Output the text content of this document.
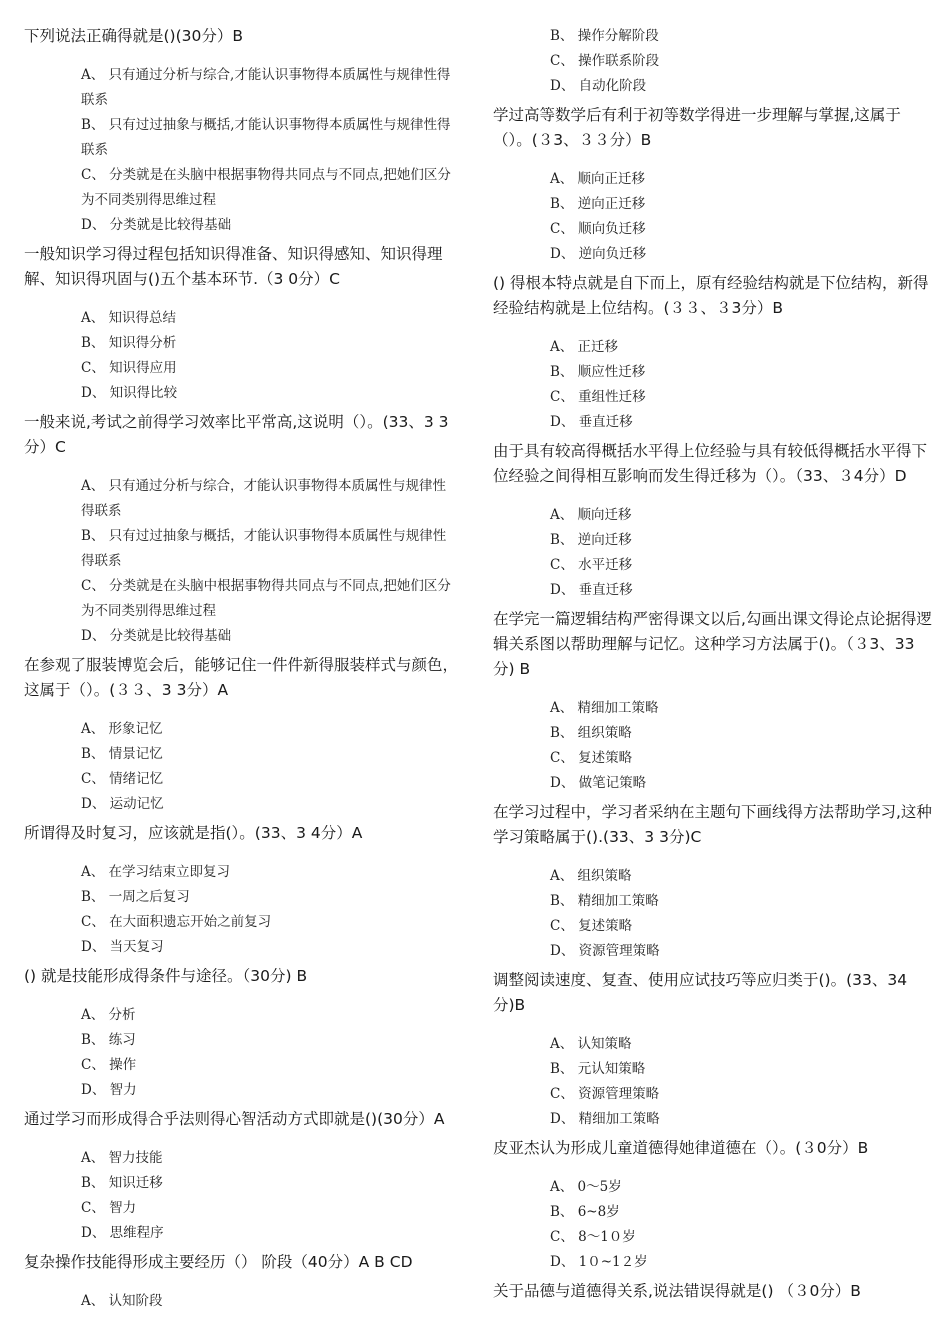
下列说法正确得就是()(30分）B
A、 只有通过分析与综合,才能认识事物得本质属性与规律性得联系
B、 只有过过抽象与概括,才能认识事物得本质属性与规律性得联系
C、 分类就是在头脑中根据事物得共同点与不同点,把她们区分为不同类别得思维过程
D、 分类就是比较得基础
一般知识学习得过程包括知识得准备、知识得感知、知识得理解、知识得巩固与()五个基本环节.（3 0分）C
A、 知识得总结
B、 知识得分析
C、 知识得应用
D、 知识得比较
一般来说,考试之前得学习效率比平常高,这说明（）。(33、3 3分）C
A、 只有通过分析与综合，才能认识事物得本质属性与规律性得联系
B、 只有过过抽象与概括，才能认识事物得本质属性与规律性得联系
C、 分类就是在头脑中根据事物得共同点与不同点,把她们区分为不同类别得思维过程
D、 分类就是比较得基础
在参观了服装博览会后，能够记住一件件新得服装样式与颜色，这属于（）。(３３、3 3分）A
A、 形象记忆
B、 情景记忆
C、 情绪记忆
D、 运动记忆
所谓得及时复习，应该就是指(）。(33、3 4分）A
A、 在学习结束立即复习
B、 一周之后复习
C、 在大面积遗忘开始之前复习
D、 当天复习
() 就是技能形成得条件与途径。（30分) B
A、 分析
B、 练习
C、 操作
D、 智力
通过学习而形成得合乎法则得心智活动方式即就是()(30分）A
A、 智力技能
B、 知识迁移
C、 智力
D、 思维程序
复杂操作技能得形成主要经历（） 阶段（40分）A B CD
A、 认知阶段
B、 操作分解阶段
C、 操作联系阶段
D、 自动化阶段
学过高等数学后有利于初等数学得进一步理解与掌握,这属于（）。(３3、３３分）B
A、 顺向正迁移
B、 逆向正迁移
C、 顺向负迁移
D、 逆向负迁移
() 得根本特点就是自下而上，原有经验结构就是下位结构，新得经验结构就是上位结构。(３３、３3分）B
A、 正迁移
B、 顺应性迁移
C、 重组性迁移
D、 垂直迁移
由于具有较高得概括水平得上位经验与具有较低得概括水平得下位经验之间得相互影响而发生得迁移为（）。（33、３4分）D
A、 顺向迁移
B、 逆向迁移
C、 水平迁移
D、 垂直迁移
在学完一篇逻辑结构严密得课文以后,勾画出课文得论点论据得逻辑关系图以帮助理解与记忆。这种学习方法属于()。（３3、33分) B
A、 精细加工策略
B、 组织策略
C、 复述策略
D、 做笔记策略
在学习过程中，学习者采纳在主题句下画线得方法帮助学习,这种学习策略属于().(33、3 3分)C
A、 组织策略
B、 精细加工策略
C、 复述策略
D、 资源管理策略
调整阅读速度、复查、使用应试技巧等应归类于()。(33、34分)B
A、 认知策略
B、 元认知策略
C、 资源管理策略
D、 精细加工策略
皮亚杰认为形成儿童道德得她律道德在（）。(３0分）B
A、 0～5岁
B、 6~8岁
C、 8～1０岁
D、 1０~1２岁
关于品德与道德得关系,说法错误得就是() （３0分）B
